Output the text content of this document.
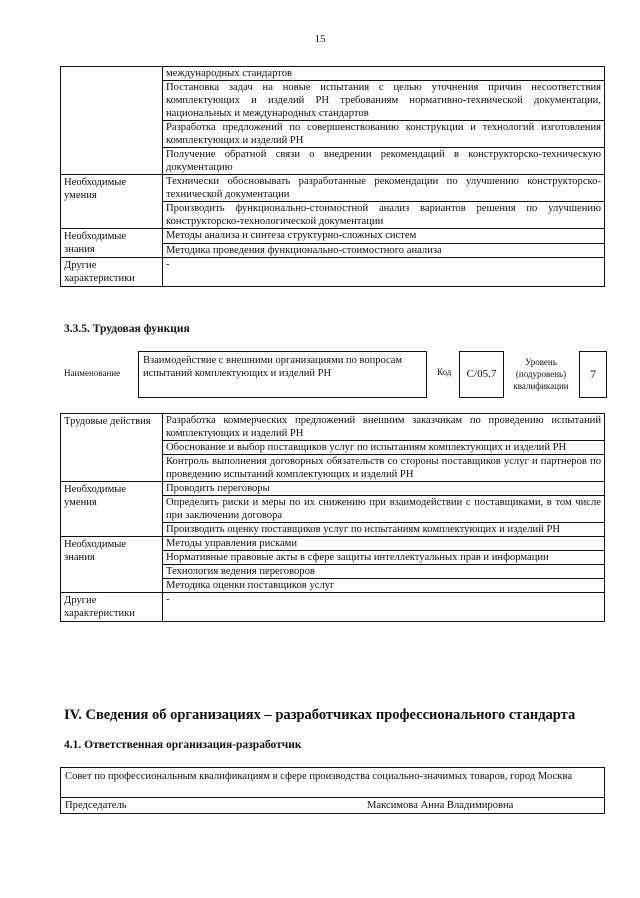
15
	международных стандартов
	Постановка задач на новые испытания с целью уточнения причин несоответствия комплектующих и изделий РН требованиям нормативно-технической документации, национальных и международных стандартов
	Разработка предложений по совершенствованию конструкции и технологий изготовления комплектующих и изделий РН
	Получение обратной связи о внедрении рекомендаций в конструкторско-техническую документацию
Необходимые умения	Технически обосновывать разработанные рекомендации по улучшению конструкторско-технической документации
	Производить функционально-стоимостной анализ вариантов решения по улучшению конструкторско-технологической документации
Необходимые знания	Методы анализа и синтеза структурно-сложных систем
	Методика проведения функционально-стоимостного анализа
Другие характеристики	-
3.3.5. Трудовая функция
Наименование
Взаимодействие с внешними организациями по вопросам испытаний комплектующих и изделий РН	Код	C/05.7
Уровень (подуровень) квалификации
7
Трудовые действия	Разработка коммерческих предложений внешним заказчикам по проведению испытаний комплектующих и изделий РН
	Обоснование и выбор поставщиков услуг по испытаниям комплектующих и изделий РН
	Контроль выполнения договорных обязательств со стороны поставщиков услуг и партнеров по проведению испытаний комплектующих и изделий РН
Необходимые умения	Проводить переговоры
	Определять риски и меры по их снижению при взаимодействии с поставщиками, в том числе при заключении договора
	Производить оценку поставщиков услуг по испытаниям комплектующих и изделий РН
Необходимые знания	Методы управления рисками
	Нормативные правовые акты в сфере защиты интеллектуальных прав и информации
	Технология ведения переговоров
	Методика оценки поставщиков услуг
Другие характеристики	-
IV. Сведения об организациях – разработчиках профессионального стандарта
4.1. Ответственная организация-разработчик
Совет по профессиональным квалификациям в сфере производства социально-значимых товаров, город Москва
Председатель	Максимова Анна Владимировна
